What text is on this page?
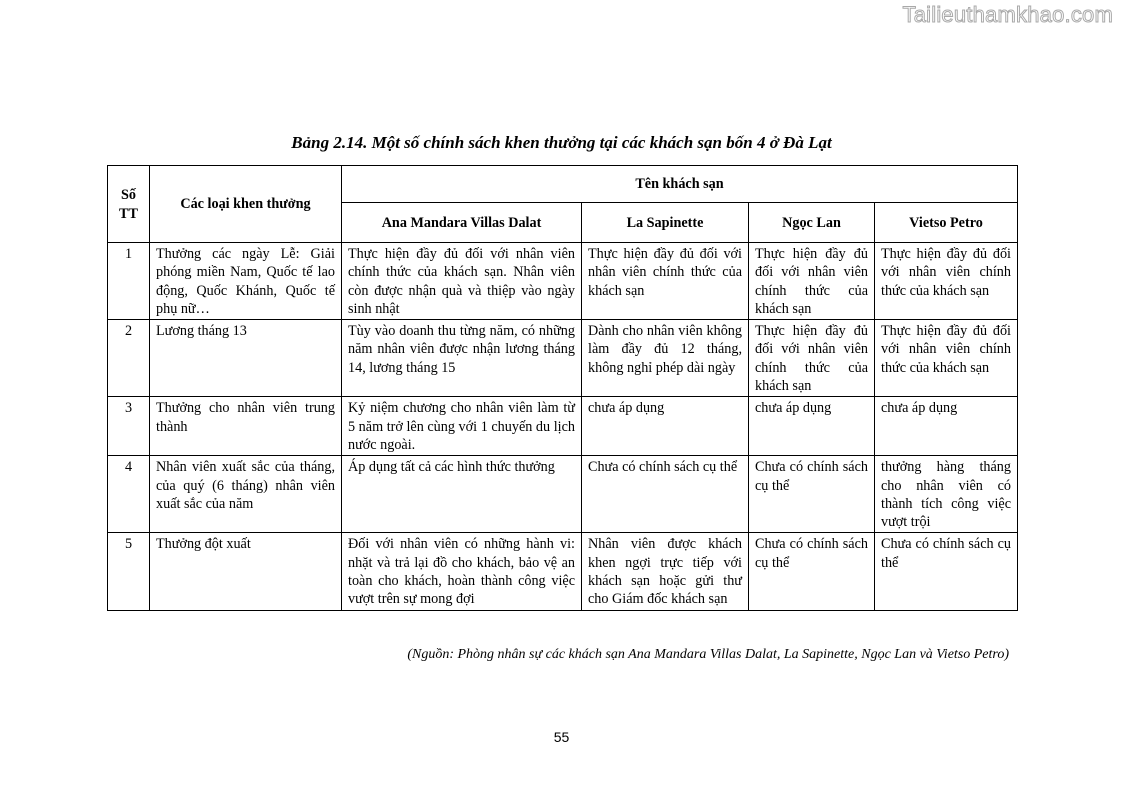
Tailieuthamkhao.com
Bảng 2.14. Một số chính sách khen thưởng tại các khách sạn bốn 4 ở Đà Lạt
Số TT	Các loại khen thưởng	Tên khách sạn			
		Ana Mandara Villas Dalat	La Sapinette	Ngọc Lan	Vietso Petro
1	Thưởng các ngày Lễ: Giải phóng miền Nam, Quốc tế lao động, Quốc Khánh, Quốc tế phụ nữ…	Thực hiện đầy đủ đối với nhân viên chính thức của khách sạn. Nhân viên còn được nhận quà và thiệp vào ngày sinh nhật	Thực hiện đầy đủ đối với nhân viên chính thức của khách sạn	Thực hiện đầy đủ đối với nhân viên chính thức của khách sạn	Thực hiện đầy đủ đối với nhân viên chính thức của khách sạn
2	Lương tháng 13	Tùy vào doanh thu từng năm, có những năm nhân viên được nhận lương tháng 14, lương tháng 15	Dành cho nhân viên không làm đầy đủ 12 tháng, không nghỉ phép dài ngày	Thực hiện đầy đủ đối với nhân viên chính thức của khách sạn	Thực hiện đầy đủ đối với nhân viên chính thức của khách sạn
3	Thưởng cho nhân viên trung thành	Kỷ niệm chương cho nhân viên làm từ 5 năm trở lên cùng với 1 chuyến du lịch nước ngoài.	chưa áp dụng	chưa áp dụng	chưa áp dụng
4	Nhân viên xuất sắc của tháng, của quý (6 tháng) nhân viên xuất sắc của năm	Áp dụng tất cả các hình thức thưởng	Chưa có chính sách cụ thể	Chưa có chính sách cụ thể	thưởng hàng tháng cho nhân viên có thành tích công việc vượt trội
5	Thưởng đột xuất	Đối với nhân viên có những hành vi: nhặt và trả lại đồ cho khách, bảo vệ an toàn cho khách, hoàn thành công việc vượt trên sự mong đợi	Nhân viên được khách khen ngợi trực tiếp với khách sạn hoặc gửi thư cho Giám đốc khách sạn	Chưa có chính sách cụ thể	Chưa có chính sách cụ thể
(Nguồn: Phòng nhân sự các khách sạn Ana Mandara Villas Dalat, La Sapinette, Ngọc Lan và Vietso Petro)
55
